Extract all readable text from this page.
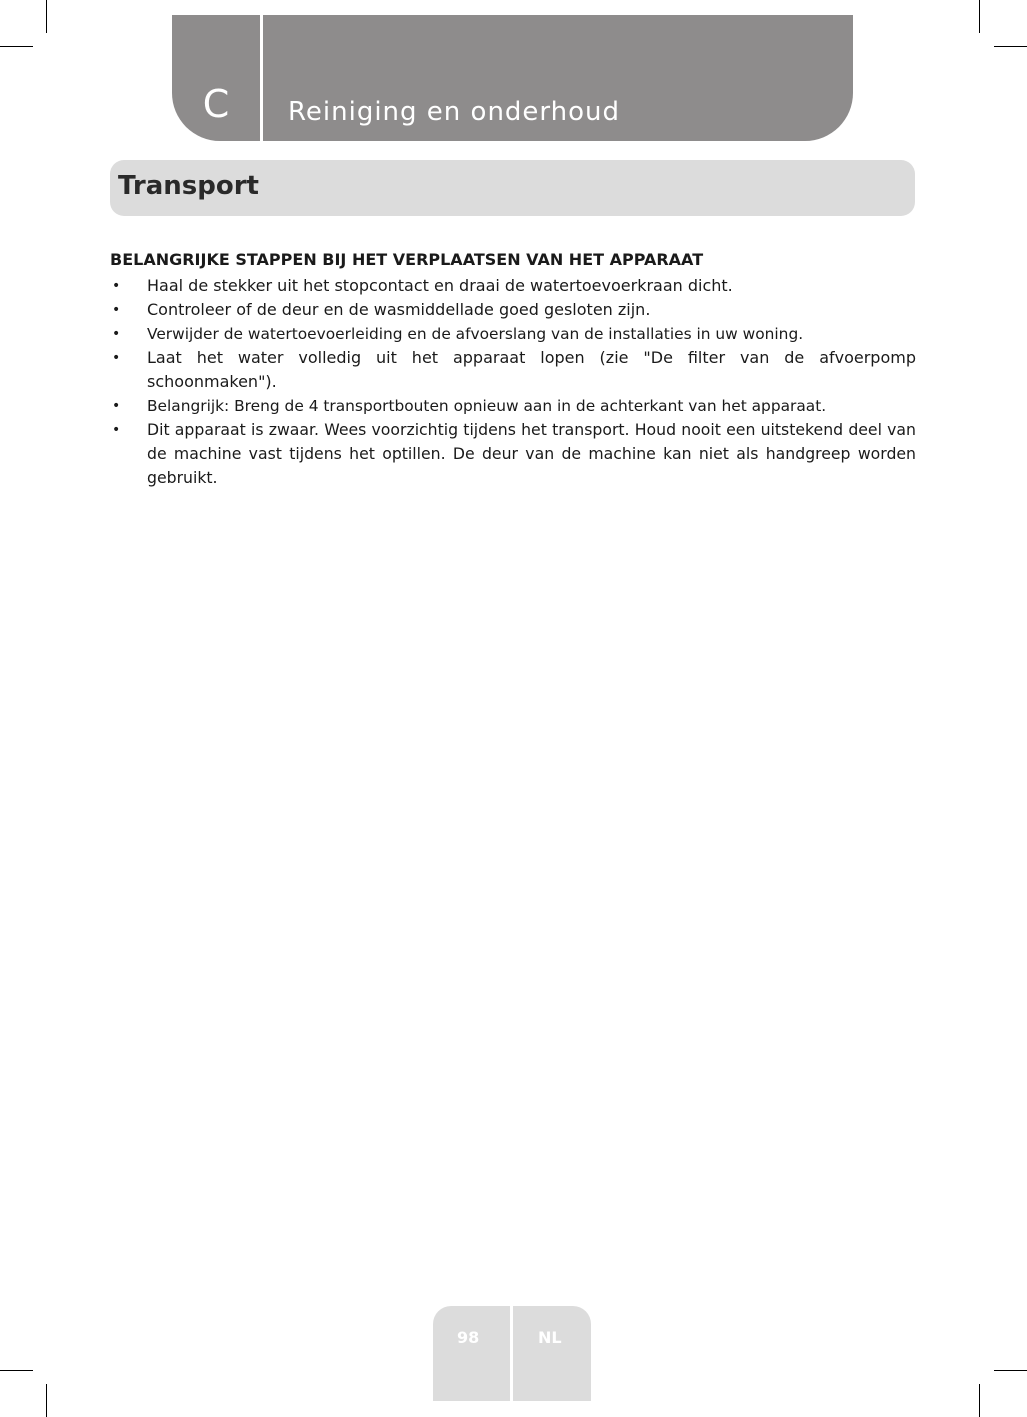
C	Reiniging en onderhoud
Transport
BELANGRIJKE STAPPEN BIJ HET VERPLAATSEN VAN HET APPARAAT
• Haal de stekker uit het stopcontact en draai de watertoevoerkraan dicht.
• Controleer of de deur en de wasmiddellade goed gesloten zijn.
• Verwijder de watertoevoerleiding en de afvoerslang van de installaties in uw woning.
• Laat het water volledig uit het apparaat lopen (zie "De filter van de afvoerpomp schoonmaken").
• Belangrijk: Breng de 4 transportbouten opnieuw aan in de achterkant van het apparaat.
• Dit apparaat is zwaar. Wees voorzichtig tijdens het transport. Houd nooit een uitstekend deel van de machine vast tijdens het optillen. De deur van de machine kan niet als handgreep worden gebruikt.
98	NL
